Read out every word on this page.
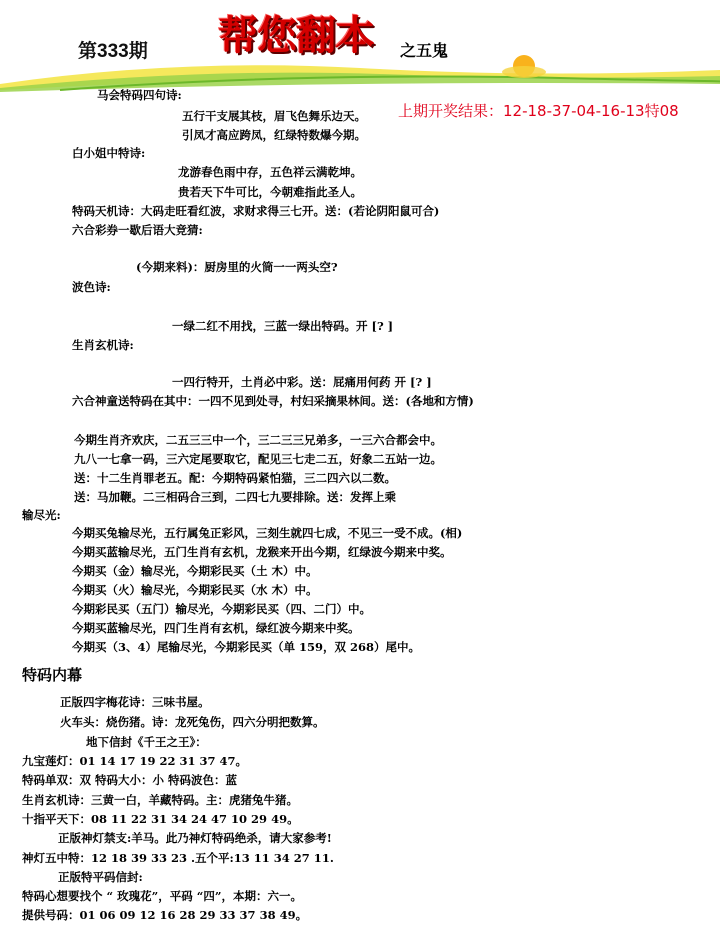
第333期 帮您翻本 之五鬼
上期开奖结果：12-18-37-04-16-13特08
马会特码四句诗:
五行干支展其枝，眉飞色舞乐边天。
引凤才高应跨凤，红绿特数爆今期。
白小姐中特诗:
龙游春色雨中存，五色祥云满乾坤。
贵若天下牛可比，今朝难指此圣人。
特码天机诗：大码走旺看红波，求财求得三七开。送：(若论阴阳鼠可合)
六合彩券一歇后语大竞猜:
(今期来料)：厨房里的火筒一一两头空?
波色诗:
一绿二红不用找，三蓝一绿出特码。开 [? ]
生肖玄机诗:
一四行特开，土肖必中彩。送：屁痛用何药 开 [? ]
六合神童送特码在其中：一四不见到处寻，村妇采摘果林间。送：(各地和方情)
今期生肖齐欢庆，二五三三中一个，三二三三兄弟多，一三六合都会中。
九八一七拿一码，三六定尾要取它，配见三七走二五，好象二五站一边。
送：十二生肖罪老五。配：今期特码紧怕猫，三二四六以二数。
送：马加鞭。二三相码合三到，二四七九要排除。送：发挥上乘
输尽光:
今期买兔输尽光，五行属兔正彩风，三刻生就四七成，不见三一受不成。(相)
今期买蓝输尽光，五门生肖有玄机，龙猴来开出今期，红绿波今期来中奖。
今期买（金）输尽光，今期彩民买（土 木）中。
今期买（火）输尽光，今期彩民买（水 木）中。
今期彩民买（五门）输尽光，今期彩民买（四、二门）中。
今期买蓝输尽光，四门生肖有玄机，绿红波今期来中奖。
今期买（3、4）尾输尽光，今期彩民买（单 159，双 268）尾中。
特码内幕
正版四字梅花诗：三味书屋。
火车头：烧伤猪。诗：龙死兔伤，四六分明把数算。
地下信封《千王之王》：
九宝莲灯：01 14 17 19 22 31 37 47。
特码单双：双 特码大小：小 特码波色：蓝
生肖玄机诗：三黄一白，羊藏特码。主：虎猪兔牛猪。
十指平天下：08 11 22 31 34 24 47 10 29 49。
正版神灯禁支:羊马。此乃神灯特码绝杀，请大家参考!
神灯五中特：12 18 39 33 23 .五个平:13 11 34 27 11.
正版特平码信封:
特码心想要找个 “ 玫瑰花”，平码 “四”，本期：六一。
提供号码：01 06 09 12 16 28 29 33 37 38 49。
